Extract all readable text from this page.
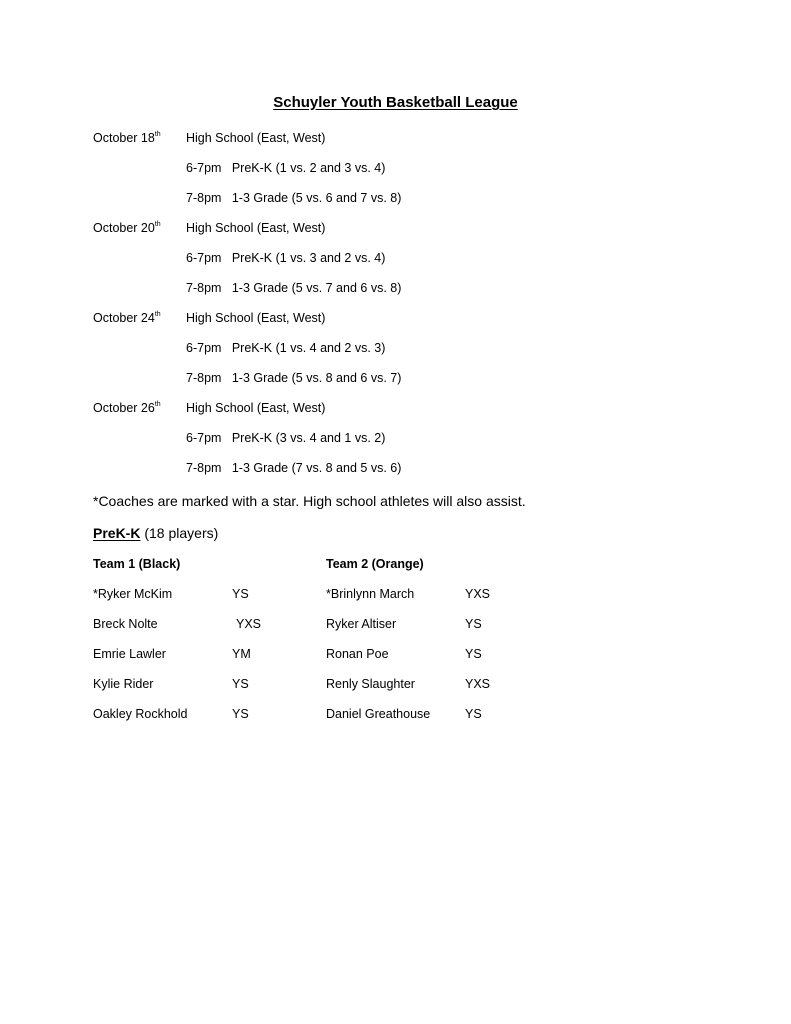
Schuyler Youth Basketball League
October 18th High School (East, West)
6-7pm   PreK-K (1 vs. 2 and 3 vs. 4)
7-8pm   1-3 Grade (5 vs. 6 and 7 vs. 8)
October 20th High School (East, West)
6-7pm   PreK-K (1 vs. 3 and 2 vs. 4)
7-8pm   1-3 Grade (5 vs. 7 and 6 vs. 8)
October 24th High School (East, West)
6-7pm   PreK-K (1 vs. 4 and 2 vs. 3)
7-8pm   1-3 Grade (5 vs. 8 and 6 vs. 7)
October 26th High School (East, West)
6-7pm   PreK-K (3 vs. 4 and 1 vs. 2)
7-8pm   1-3 Grade (7 vs. 8 and 5 vs. 6)
*Coaches are marked with a star. High school athletes will also assist.
PreK-K (18 players)
Team 1 (Black)
*Ryker McKim	YS
Breck Nolte	YXS
Emrie Lawler	YM
Kylie Rider	YS
Oakley Rockhold	YS
Team 2 (Orange)
*Brinlynn March	YXS
Ryker Altiser	YS
Ronan Poe	YS
Renly Slaughter	YXS
Daniel Greathouse	YS
